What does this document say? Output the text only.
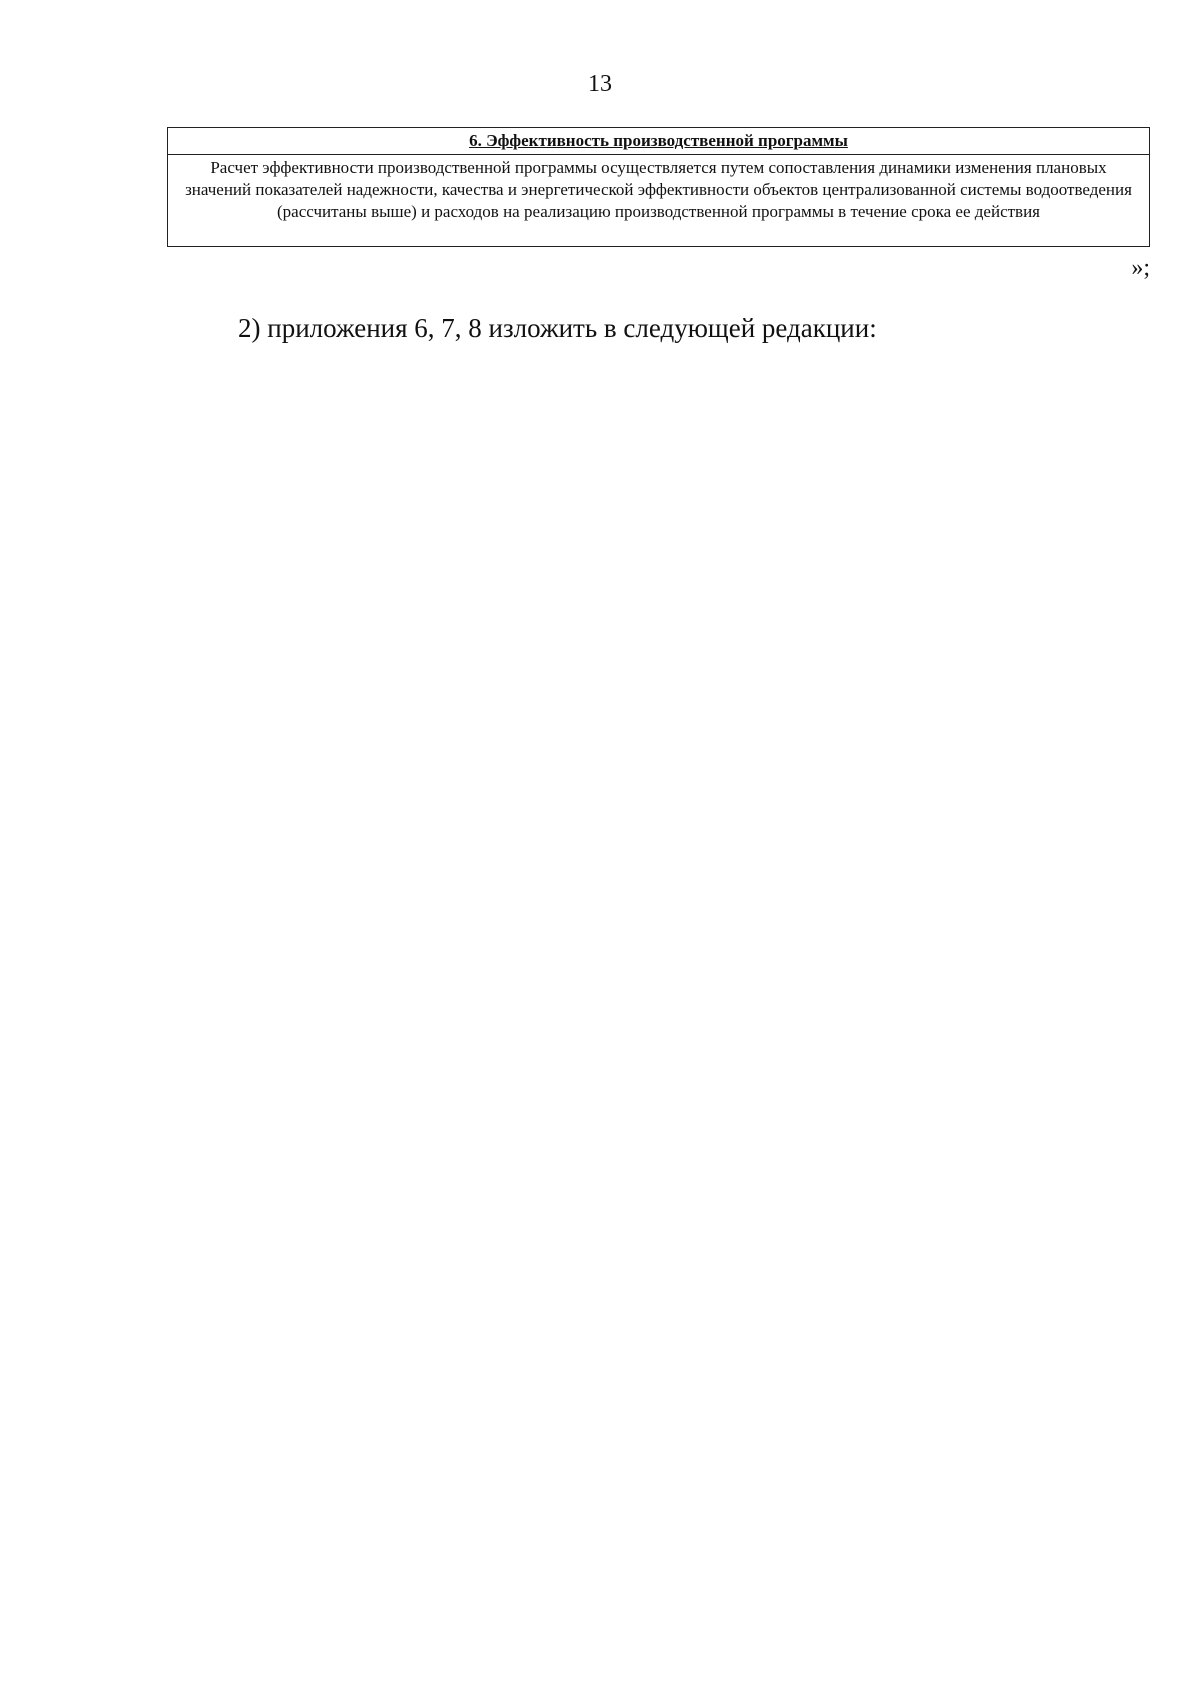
13
6. Эффективность производственной программы
Расчет эффективности производственной программы осуществляется путем сопоставления динамики изменения плановых значений показателей надежности, качества и энергетической эффективности объектов централизованной системы водоотведения (рассчитаны выше) и расходов на реализацию производственной программы в течение срока ее действия
»;
2) приложения 6, 7, 8 изложить в следующей редакции:
